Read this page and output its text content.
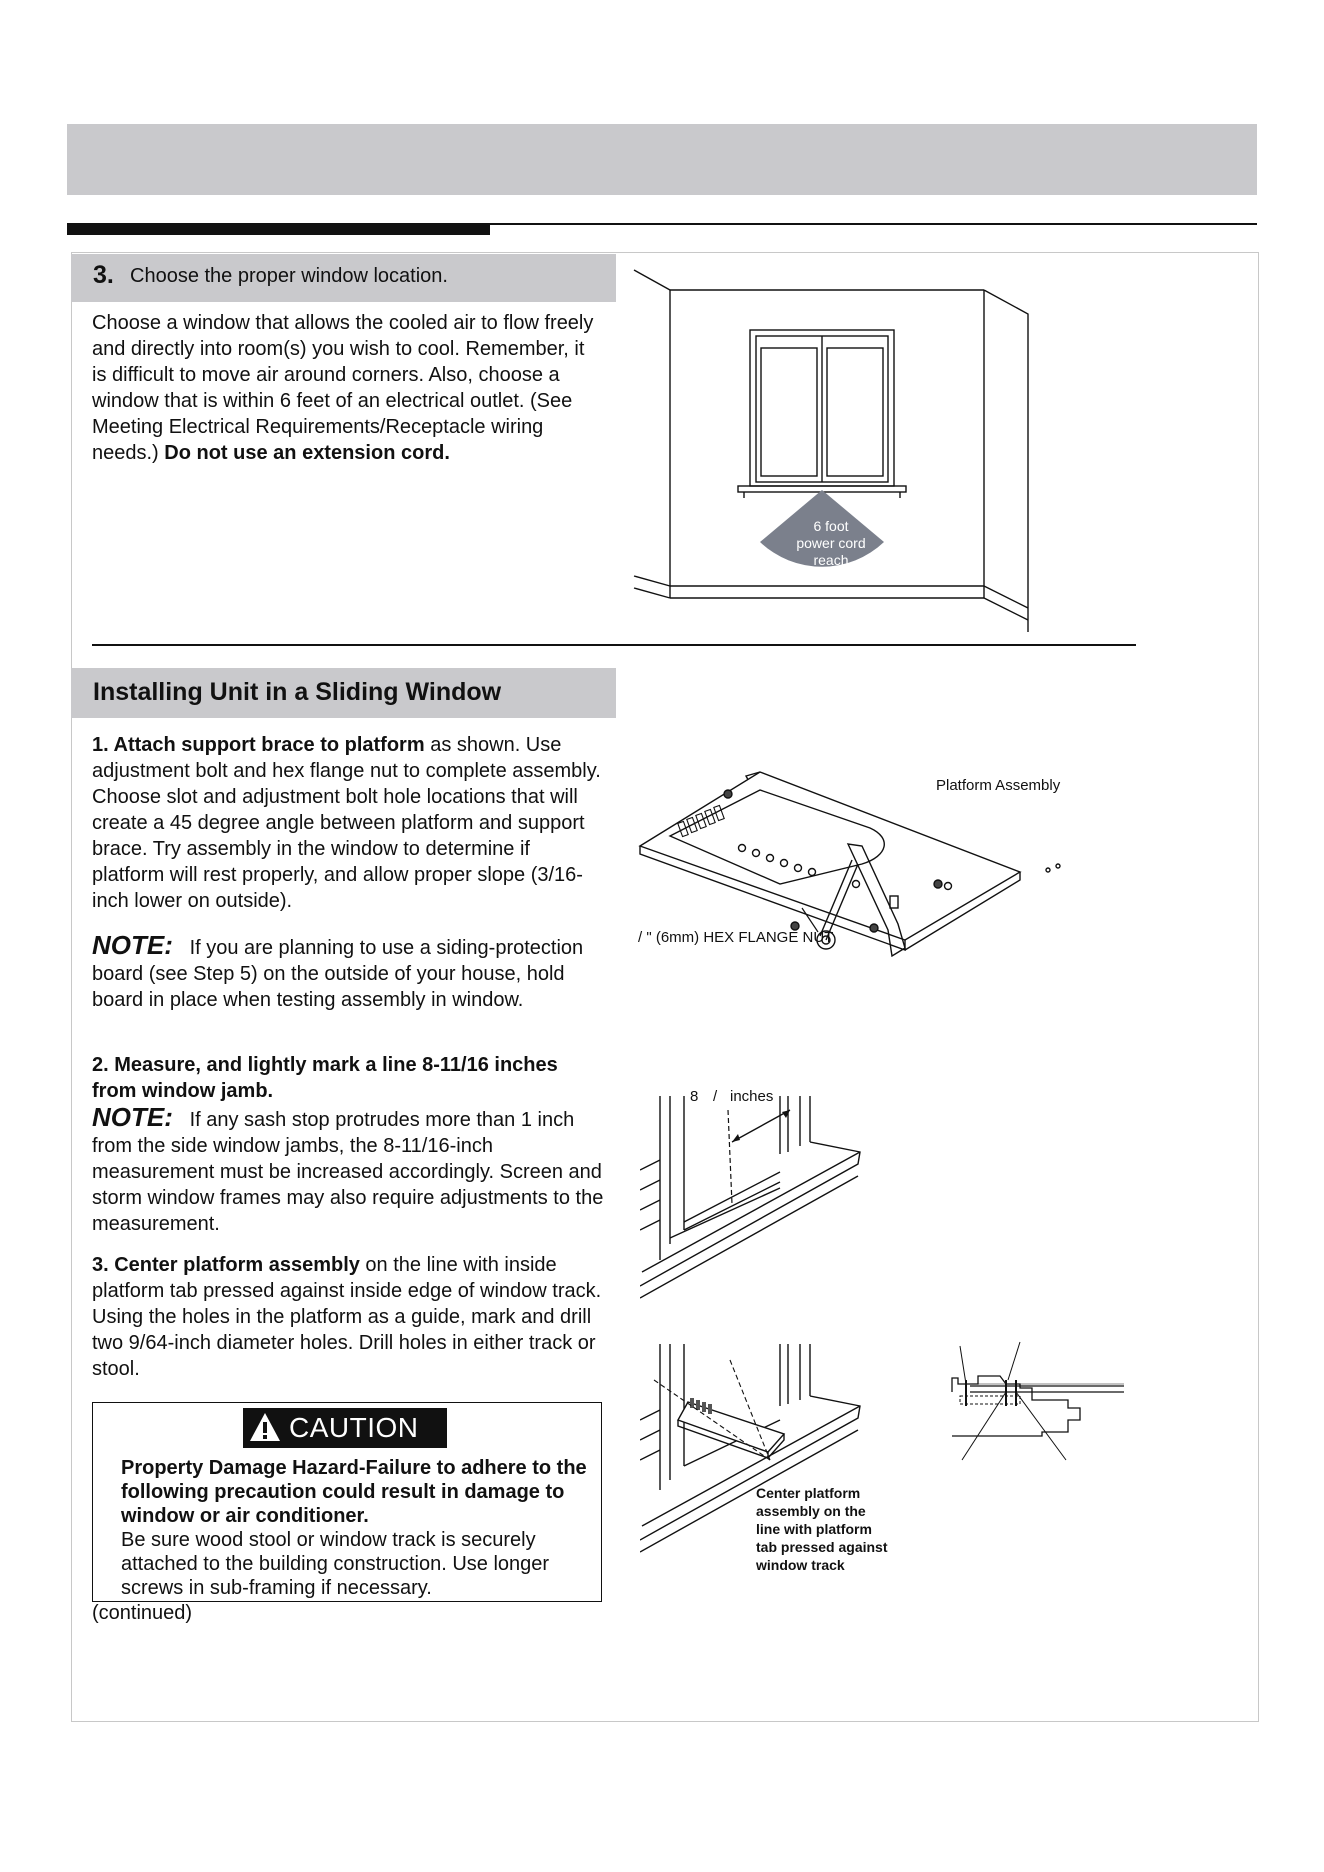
3. Choose the proper window location.
Choose a window that allows the cooled air to flow freely and directly into room(s) you wish to cool. Remember, it is difficult to move air around corners. Also, choose a window that is within 6 feet of an electrical outlet. (See Meeting Electrical Requirements/Receptacle wiring needs.) Do not use an extension cord.
6 foot
power cord
reach
Installing Unit in a Sliding Window
1. Attach support brace to platform as shown. Use adjustment bolt and hex flange nut to complete assembly. Choose slot and adjustment bolt hole locations that will create a 45 degree angle between platform and support brace. Try assembly in the window to determine if platform will rest properly, and allow proper slope (3/16-inch lower on outside).
NOTE: If you are planning to use a siding-protection board (see Step 5) on the outside of your house, hold board in place when testing assembly in window.
2. Measure, and lightly mark a line 8-11/16 inches from window jamb.
NOTE: If any sash stop protrudes more than 1 inch from the side window jambs, the 8-11/16-inch measurement must be increased accordingly. Screen and storm window frames may also require adjustments to the measurement.
3. Center platform assembly on the line with inside platform tab pressed against inside edge of window track. Using the holes in the platform as a guide, mark and drill two 9/64-inch diameter holes. Drill holes in either track or stool.
CAUTION
Property Damage Hazard-Failure to adhere to the following precaution could result in damage to window or air conditioner.
Be sure wood stool or window track is securely attached to the building construction. Use longer screws in sub-framing if necessary.
(continued)
Platform Assembly
/ " (6mm) HEX FLANGE NUT
8 / inches
Center platform
assembly on the
line with platform
tab pressed against
window track
